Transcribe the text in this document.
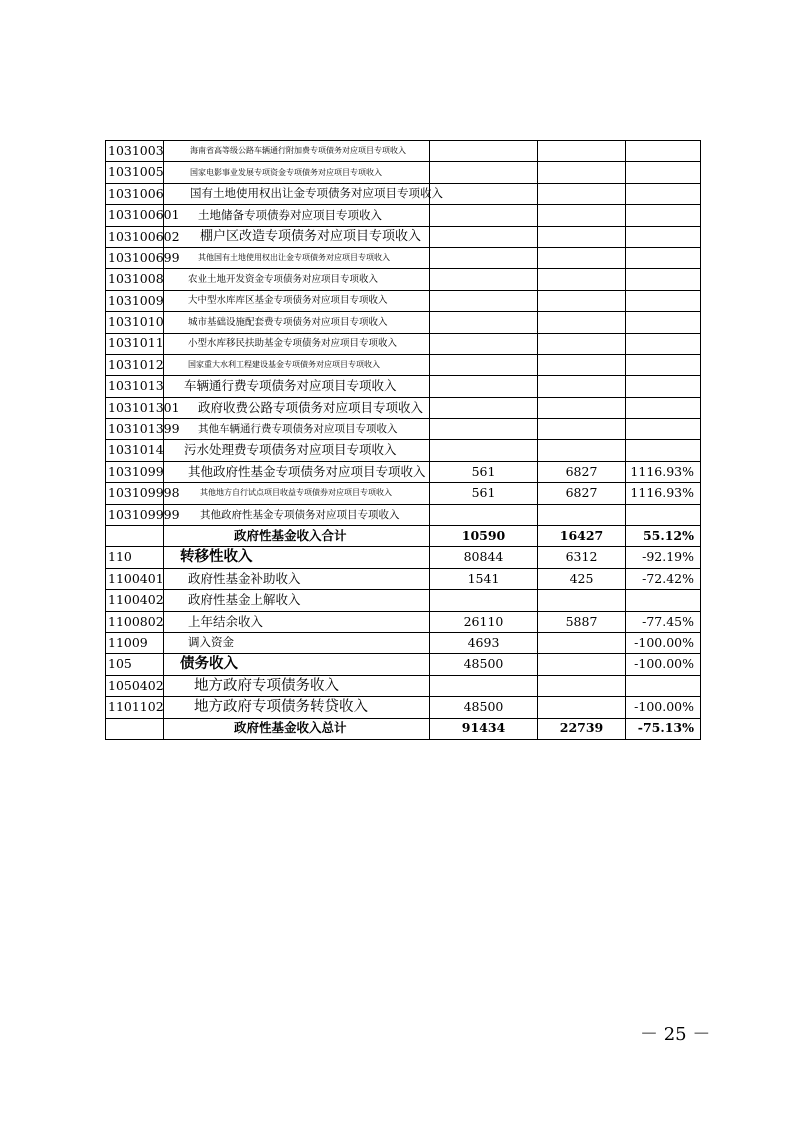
1031003	海南省高等级公路车辆通行附加费专项债务对应项目专项收入			
1031005	国家电影事业发展专项资金专项债务对应项目专项收入			
1031006	国有土地使用权出让金专项债务对应项目专项收入			
103100601	土地储备专项债券对应项目专项收入			
103100602	棚户区改造专项债务对应项目专项收入			
103100699	其他国有土地使用权出让金专项债务对应项目专项收入			
1031008	农业土地开发资金专项债务对应项目专项收入			
1031009	大中型水库库区基金专项债务对应项目专项收入			
1031010	城市基础设施配套费专项债务对应项目专项收入			
1031011	小型水库移民扶助基金专项债务对应项目专项收入			
1031012	国家重大水利工程建设基金专项债务对应项目专项收入			
1031013	车辆通行费专项债务对应项目专项收入			
103101301	政府收费公路专项债务对应项目专项收入			
103101399	其他车辆通行费专项债务对应项目专项收入			
1031014	污水处理费专项债务对应项目专项收入			
1031099	其他政府性基金专项债务对应项目专项收入	561	6827	1116.93%
103109998	其他地方自行试点项目收益专项债券对应项目专项收入	561	6827	1116.93%
103109999	其他政府性基金专项债务对应项目专项收入			
	政府性基金收入合计	10590	16427	55.12%
110	转移性收入	80844	6312	-92.19%
1100401	政府性基金补助收入	1541	425	-72.42%
1100402	政府性基金上解收入			
1100802	上年结余收入	26110	5887	-77.45%
11009	调入资金	4693		-100.00%
105	债务收入	48500		-100.00%
1050402	地方政府专项债务收入			
1101102	地方政府专项债务转贷收入	48500		-100.00%
	政府性基金收入总计	91434	22739	-75.13%
－ 25 －
